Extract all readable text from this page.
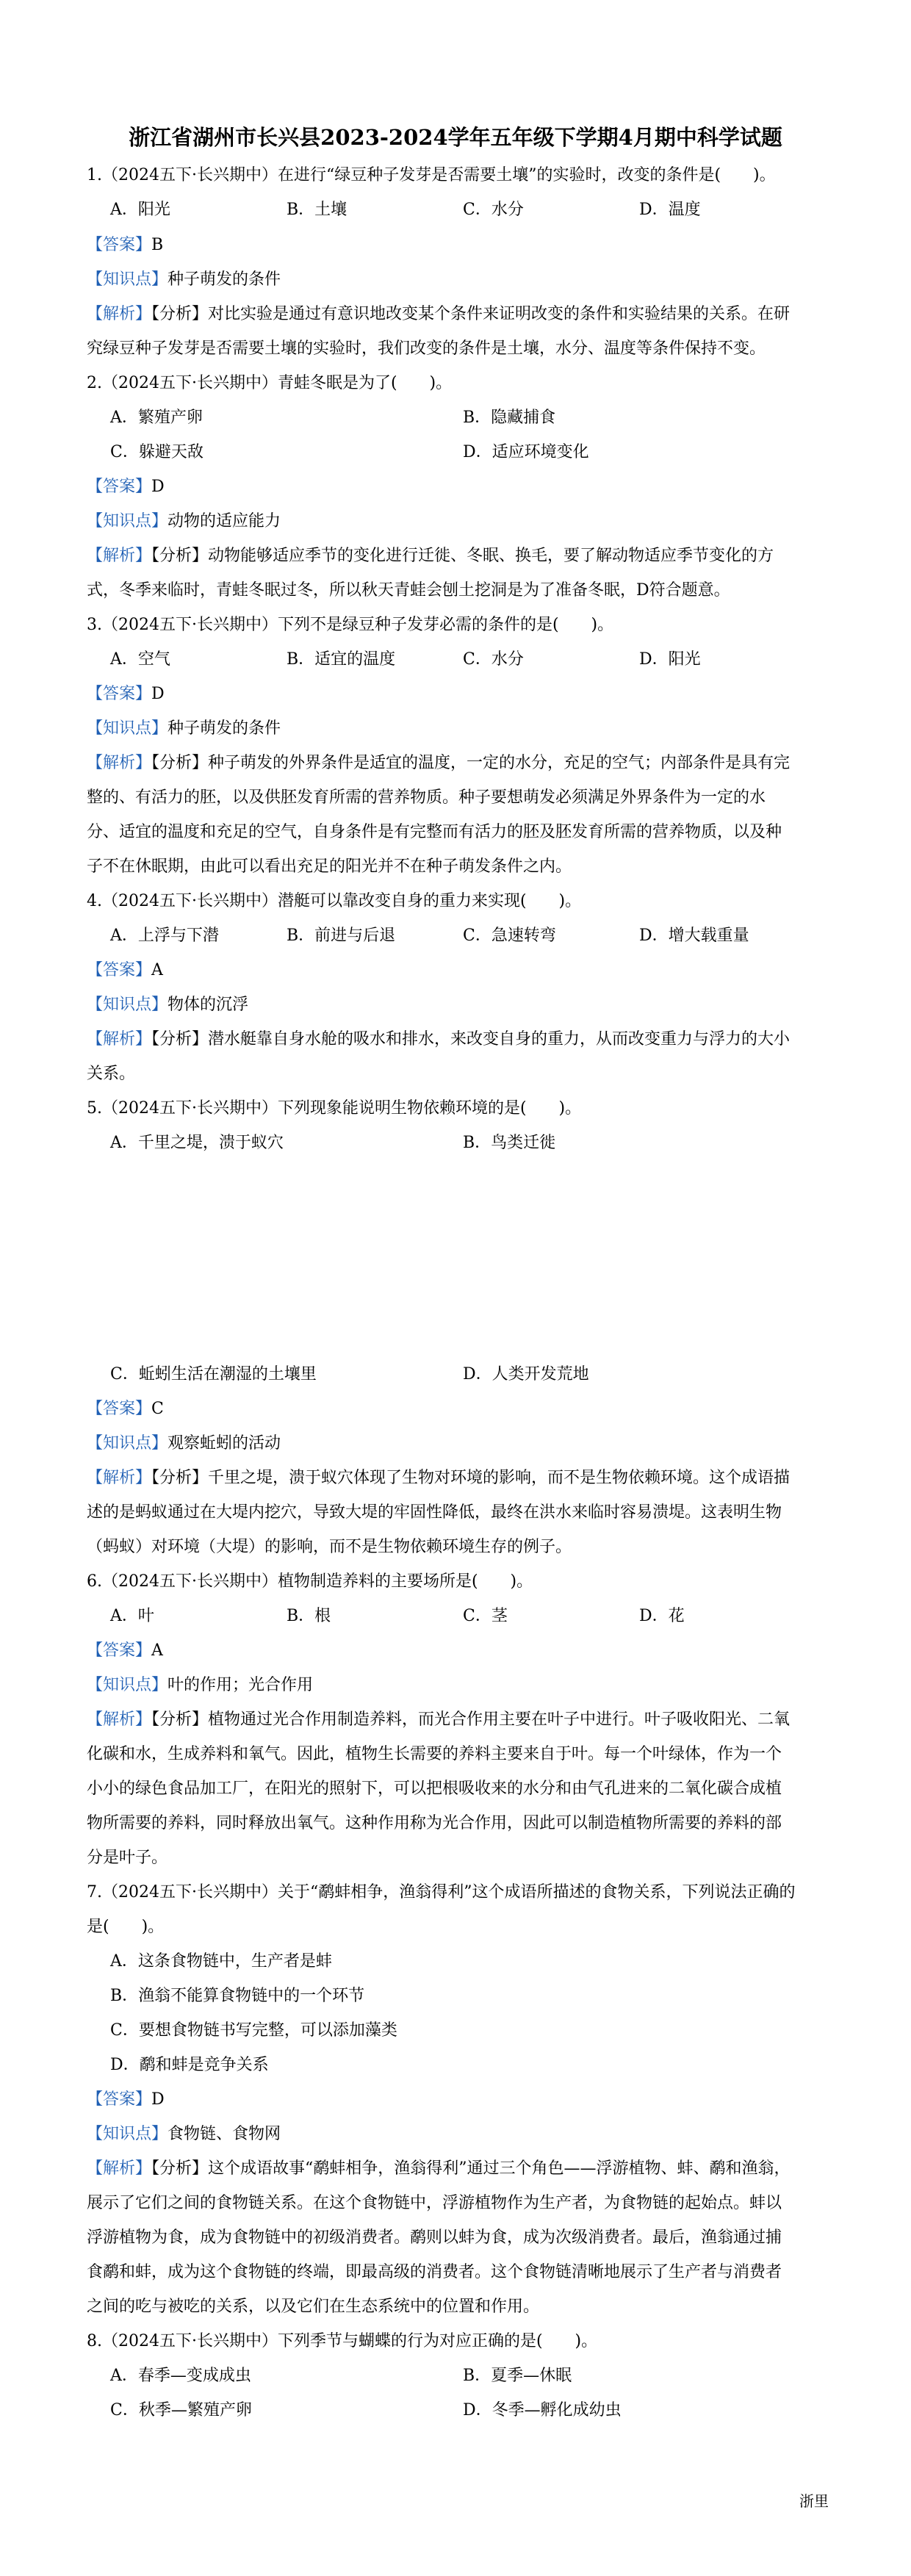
浙江省湖州市长兴县2023-2024学年五年级下学期4月期中科学试题
1.（2024五下·长兴期中）在进行“绿豆种子发芽是否需要土壤”的实验时，改变的条件是(　　)。
A．阳光	B．土壤	C．水分	D．温度
【答案】B
【知识点】种子萌发的条件
【解析】【分析】对比实验是通过有意识地改变某个条件来证明改变的条件和实验结果的关系。在研
究绿豆种子发芽是否需要土壤的实验时，我们改变的条件是土壤，水分、温度等条件保持不变。
2.（2024五下·长兴期中）青蛙冬眠是为了(　　)。
A．繁殖产卵	B．隐藏捕食
C．躲避天敌	D．适应环境变化
【答案】D
【知识点】动物的适应能力
【解析】【分析】动物能够适应季节的变化进行迁徙、冬眠、换毛，要了解动物适应季节变化的方
式，冬季来临时，青蛙冬眠过冬，所以秋天青蛙会刨土挖洞是为了准备冬眠，D符合题意。
3.（2024五下·长兴期中）下列不是绿豆种子发芽必需的条件的是(　　)。
A．空气	B．适宜的温度	C．水分	D．阳光
【答案】D
【知识点】种子萌发的条件
【解析】【分析】种子萌发的外界条件是适宜的温度，一定的水分，充足的空气；内部条件是具有完
整的、有活力的胚，以及供胚发育所需的营养物质。种子要想萌发必须满足外界条件为一定的水
分、适宜的温度和充足的空气，自身条件是有完整而有活力的胚及胚发育所需的营养物质，以及种
子不在休眠期，由此可以看出充足的阳光并不在种子萌发条件之内。
4.（2024五下·长兴期中）潜艇可以靠改变自身的重力来实现(　　)。
A．上浮与下潜	B．前进与后退	C．急速转弯	D．增大载重量
【答案】A
【知识点】物体的沉浮
【解析】【分析】潜水艇靠自身水舱的吸水和排水，来改变自身的重力，从而改变重力与浮力的大小
关系。
5.（2024五下·长兴期中）下列现象能说明生物依赖环境的是(　　)。
A．千里之堤，溃于蚁穴	B．鸟类迁徙
C．蚯蚓生活在潮湿的土壤里	D．人类开发荒地
【答案】C
【知识点】观察蚯蚓的活动
【解析】【分析】千里之堤，溃于蚁穴体现了生物对环境的影响，而不是生物依赖环境。这个成语描
述的是蚂蚁通过在大堤内挖穴，导致大堤的牢固性降低，最终在洪水来临时容易溃堤。这表明生物
（蚂蚁）对环境（大堤）的影响，而不是生物依赖环境生存的例子。
6.（2024五下·长兴期中）植物制造养料的主要场所是(　　)。
A．叶	B．根	C．茎	D．花
【答案】A
【知识点】叶的作用；光合作用
【解析】【分析】植物通过光合作用制造养料，而光合作用主要在叶子中进行。叶子吸收阳光、二氧
化碳和水，生成养料和氧气。因此，植物生长需要的养料主要来自于叶。每一个叶绿体，作为一个
小小的绿色食品加工厂，在阳光的照射下，可以把根吸收来的水分和由气孔进来的二氧化碳合成植
物所需要的养料，同时释放出氧气。这种作用称为光合作用，因此可以制造植物所需要的养料的部
分是叶子。
7.（2024五下·长兴期中）关于“鹬蚌相争，渔翁得利”这个成语所描述的食物关系，下列说法正确的
是(　　)。
A．这条食物链中，生产者是蚌
B．渔翁不能算食物链中的一个环节
C．要想食物链书写完整，可以添加藻类
D．鹬和蚌是竞争关系
【答案】D
【知识点】食物链、食物网
【解析】【分析】这个成语故事“鹬蚌相争，渔翁得利”通过三个角色——浮游植物、蚌、鹬和渔翁，
展示了它们之间的食物链关系。在这个食物链中，浮游植物作为生产者，为食物链的起始点。蚌以
浮游植物为食，成为食物链中的初级消费者。鹬则以蚌为食，成为次级消费者。最后，渔翁通过捕
食鹬和蚌，成为这个食物链的终端，即最高级的消费者。这个食物链清晰地展示了生产者与消费者
之间的吃与被吃的关系，以及它们在生态系统中的位置和作用。
8.（2024五下·长兴期中）下列季节与蝴蝶的行为对应正确的是(　　)。
A．春季—变成成虫	B．夏季—休眠
C．秋季—繁殖产卵	D．冬季—孵化成幼虫
浙里
